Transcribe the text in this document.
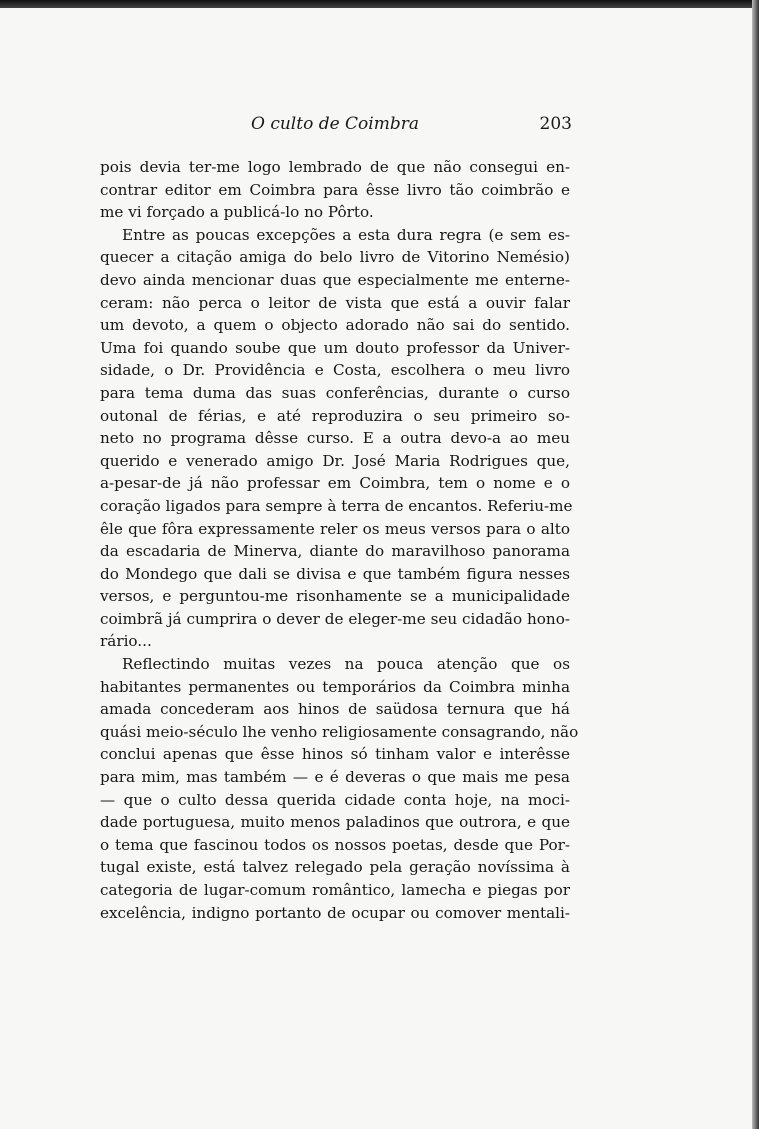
O culto de Coimbra	203
pois devia ter-me logo lembrado de que não consegui en-
contrar editor em Coimbra para êsse livro tão coimbrão e
me vi forçado a publicá-lo no Pôrto.
Entre as poucas excepções a esta dura regra (e sem es-
quecer a citação amiga do belo livro de Vitorino Nemésio)
devo ainda mencionar duas que especialmente me enterne-
ceram: não perca o leitor de vista que está a ouvir falar
um devoto, a quem o objecto adorado não sai do sentido.
Uma foi quando soube que um douto professor da Univer-
sidade, o Dr. Providência e Costa, escolhera o meu livro
para tema duma das suas conferências, durante o curso
outonal de férias, e até reproduzira o seu primeiro so-
neto no programa dêsse curso. E a outra devo-a ao meu
querido e venerado amigo Dr. José Maria Rodrigues que,
a-pesar-de já não professar em Coimbra, tem o nome e o
coração ligados para sempre à terra de encantos. Referiu-me
êle que fôra expressamente reler os meus versos para o alto
da escadaria de Minerva, diante do maravilhoso panorama
do Mondego que dali se divisa e que também figura nesses
versos, e perguntou-me risonhamente se a municipalidade
coimbrã já cumprira o dever de eleger-me seu cidadão hono-
rário...
Reflectindo muitas vezes na pouca atenção que os
habitantes permanentes ou temporários da Coimbra minha
amada concederam aos hinos de saüdosa ternura que há
quási meio-século lhe venho religiosamente consagrando, não
conclui apenas que êsse hinos só tinham valor e interêsse
para mim, mas também — e é deveras o que mais me pesa
— que o culto dessa querida cidade conta hoje, na moci-
dade portuguesa, muito menos paladinos que outrora, e que
o tema que fascinou todos os nossos poetas, desde que Por-
tugal existe, está talvez relegado pela geração novíssima à
categoria de lugar-comum romântico, lamecha e piegas por
excelência, indigno portanto de ocupar ou comover mentali-
